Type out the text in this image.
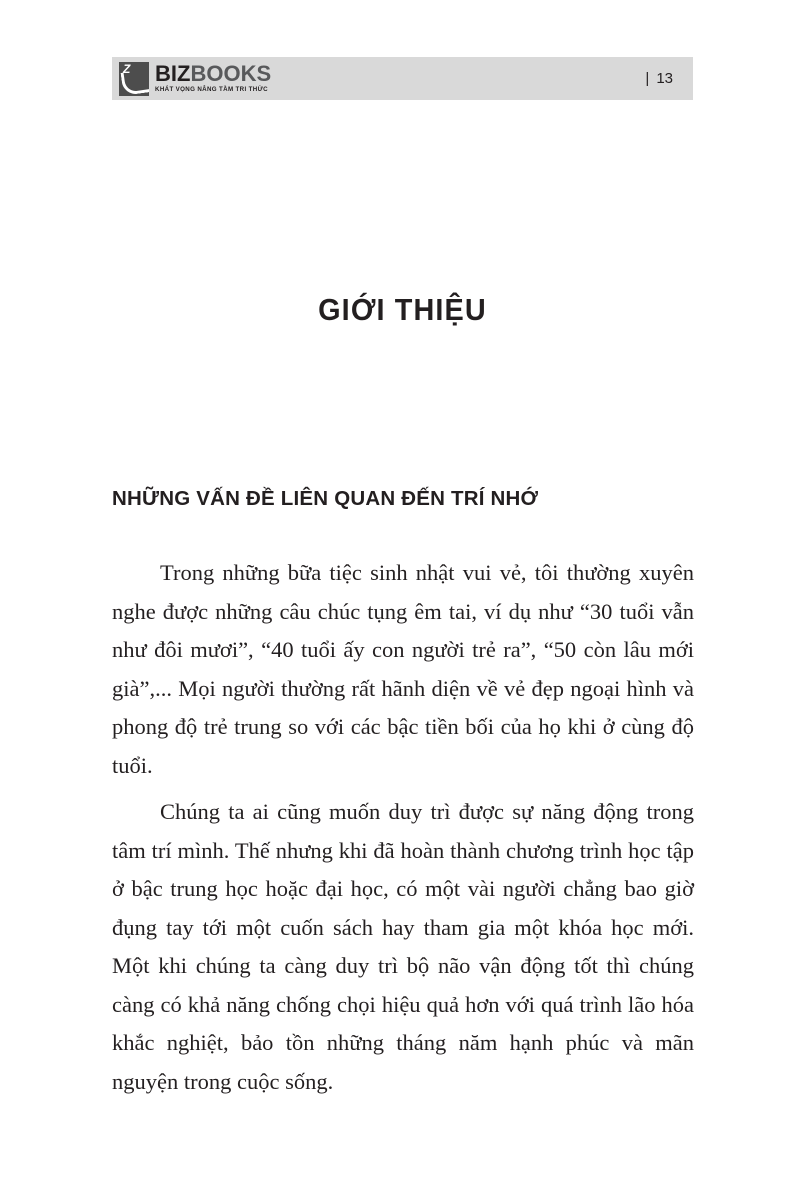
Z BIZBOOKS
KHÁT VỌNG NÂNG TẦM TRI THỨC
| 13
GIỚI THIỆU
NHỮNG VẤN ĐỀ LIÊN QUAN ĐẾN TRÍ NHỚ

Trong những bữa tiệc sinh nhật vui vẻ, tôi thường xuyên nghe được những câu chúc tụng êm tai, ví dụ như “30 tuổi vẫn như đôi mươi”, “40 tuổi ấy con người trẻ ra”, “50 còn lâu mới già”,... Mọi người thường rất hãnh diện về vẻ đẹp ngoại hình và phong độ trẻ trung so với các bậc tiền bối của họ khi ở cùng độ tuổi.

Chúng ta ai cũng muốn duy trì được sự năng động trong tâm trí mình. Thế nhưng khi đã hoàn thành chương trình học tập ở bậc trung học hoặc đại học, có một vài người chẳng bao giờ đụng tay tới một cuốn sách hay tham gia một khóa học mới. Một khi chúng ta càng duy trì bộ não vận động tốt thì chúng càng có khả năng chống chọi hiệu quả hơn với quá trình lão hóa khắc nghiệt, bảo tồn những tháng năm hạnh phúc và mãn nguyện trong cuộc sống.
